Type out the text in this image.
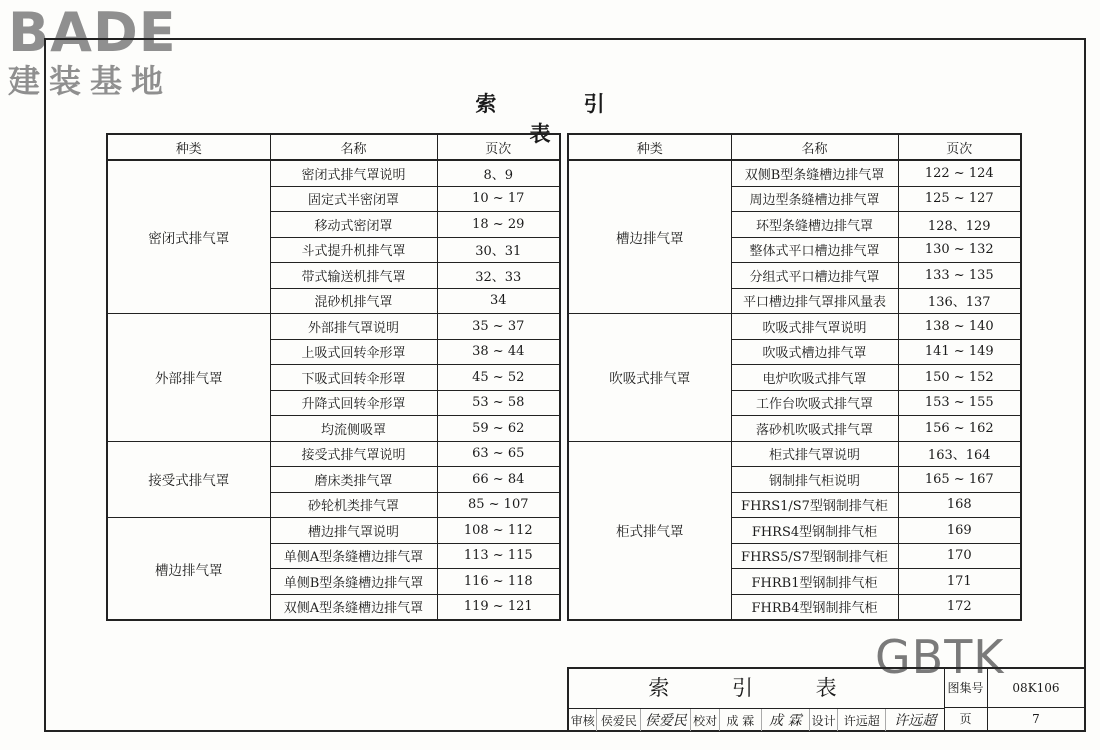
BADE
建装基地
索 引 表
种类	名称	页次
密闭式排气罩	密闭式排气罩说明	8、9
	固定式半密闭罩	10 ~ 17
	移动式密闭罩	18 ~ 29
	斗式提升机排气罩	30、31
	带式输送机排气罩	32、33
	混砂机排气罩	34
外部排气罩	外部排气罩说明	35 ~ 37
	上吸式回转伞形罩	38 ~ 44
	下吸式回转伞形罩	45 ~ 52
	升降式回转伞形罩	53 ~ 58
	均流侧吸罩	59 ~ 62
接受式排气罩	接受式排气罩说明	63 ~ 65
	磨床类排气罩	66 ~ 84
	砂轮机类排气罩	85 ~ 107
槽边排气罩	槽边排气罩说明	108 ~ 112
	单侧A型条缝槽边排气罩	113 ~ 115
	单侧B型条缝槽边排气罩	116 ~ 118
	双侧A型条缝槽边排气罩	119 ~ 121
种类	名称	页次
槽边排气罩	双侧B型条缝槽边排气罩	122 ~ 124
	周边型条缝槽边排气罩	125 ~ 127
	环型条缝槽边排气罩	128、129
	整体式平口槽边排气罩	130 ~ 132
	分组式平口槽边排气罩	133 ~ 135
	平口槽边排气罩排风量表	136、137
吹吸式排气罩	吹吸式排气罩说明	138 ~ 140
	吹吸式槽边排气罩	141 ~ 149
	电炉吹吸式排气罩	150 ~ 152
	工作台吹吸式排气罩	153 ~ 155
	落砂机吹吸式排气罩	156 ~ 162
柜式排气罩	柜式排气罩说明	163、164
	钢制排气柜说明	165 ~ 167
	FHRS1/S7型钢制排气柜	168
	FHRS4型钢制排气柜	169
	FHRS5/S7型钢制排气柜	170
	FHRB1型钢制排气柜	171
	FHRB4型钢制排气柜	172
GBTK
索 引 表	图集号	08K106
审核 侯爱民 侯爱民 校对 成 霖	成 霖 设计 许远超	许远超	页	7
